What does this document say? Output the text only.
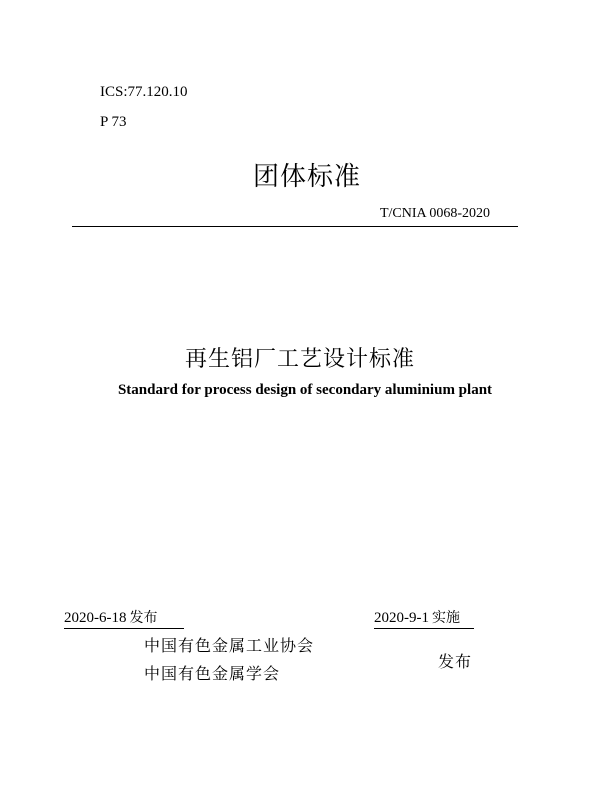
ICS:77.120.10
P 73
团体标准
T/CNIA 0068-2020
再生铝厂工艺设计标准
Standard for process design of secondary aluminium plant
2020-6-18 发布	2020-9-1 实施
中国有色金属工业协会
中国有色金属学会
发布
